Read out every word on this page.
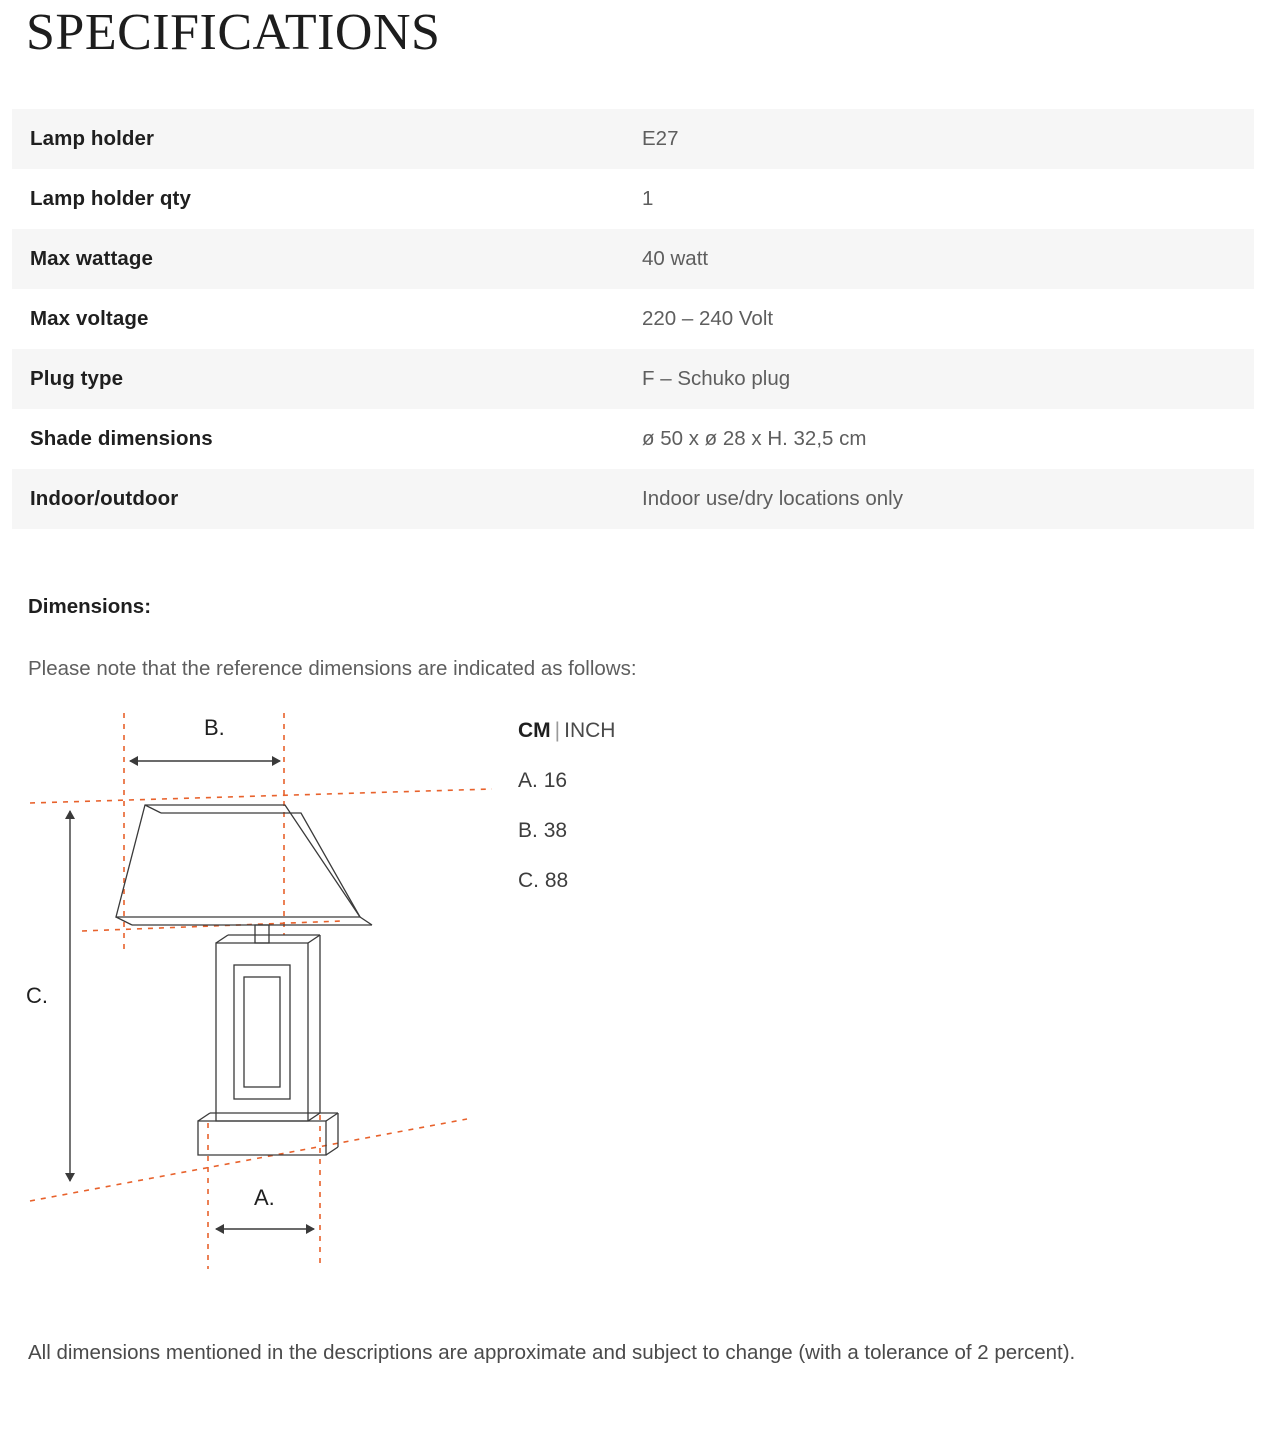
SPECIFICATIONS
Lamp holder	E27
Lamp holder qty	1
Max wattage	40 watt
Max voltage	220 – 240 Volt
Plug type	F – Schuko plug
Shade dimensions	ø 50 x ø 28 x H. 32,5 cm
Indoor/outdoor	Indoor use/dry locations only
Dimensions:
Please note that the reference dimensions are indicated as follows:
B.
C.
A.
CM | INCH
A. 16
B. 38
C. 88
All dimensions mentioned in the descriptions are approximate and subject to change (with a tolerance of 2 percent).
